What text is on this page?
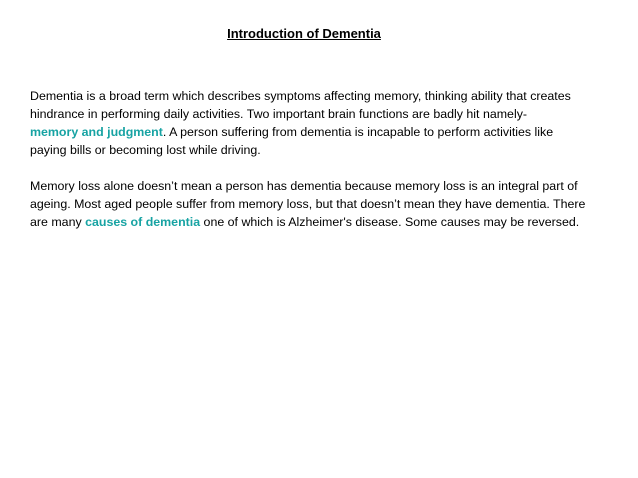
Introduction of Dementia

Dementia is a broad term which describes symptoms affecting memory, thinking ability that creates
hindrance in performing daily activities. Two important brain functions are badly hit namely-
memory and judgment. A person suffering from dementia is incapable to perform activities like
paying bills or becoming lost while driving.

Memory loss alone doesn’t mean a person has dementia because memory loss is an integral part of
ageing. Most aged people suffer from memory loss, but that doesn’t mean they have dementia. There
are many causes of dementia one of which is Alzheimer's disease. Some causes may be reversed.
